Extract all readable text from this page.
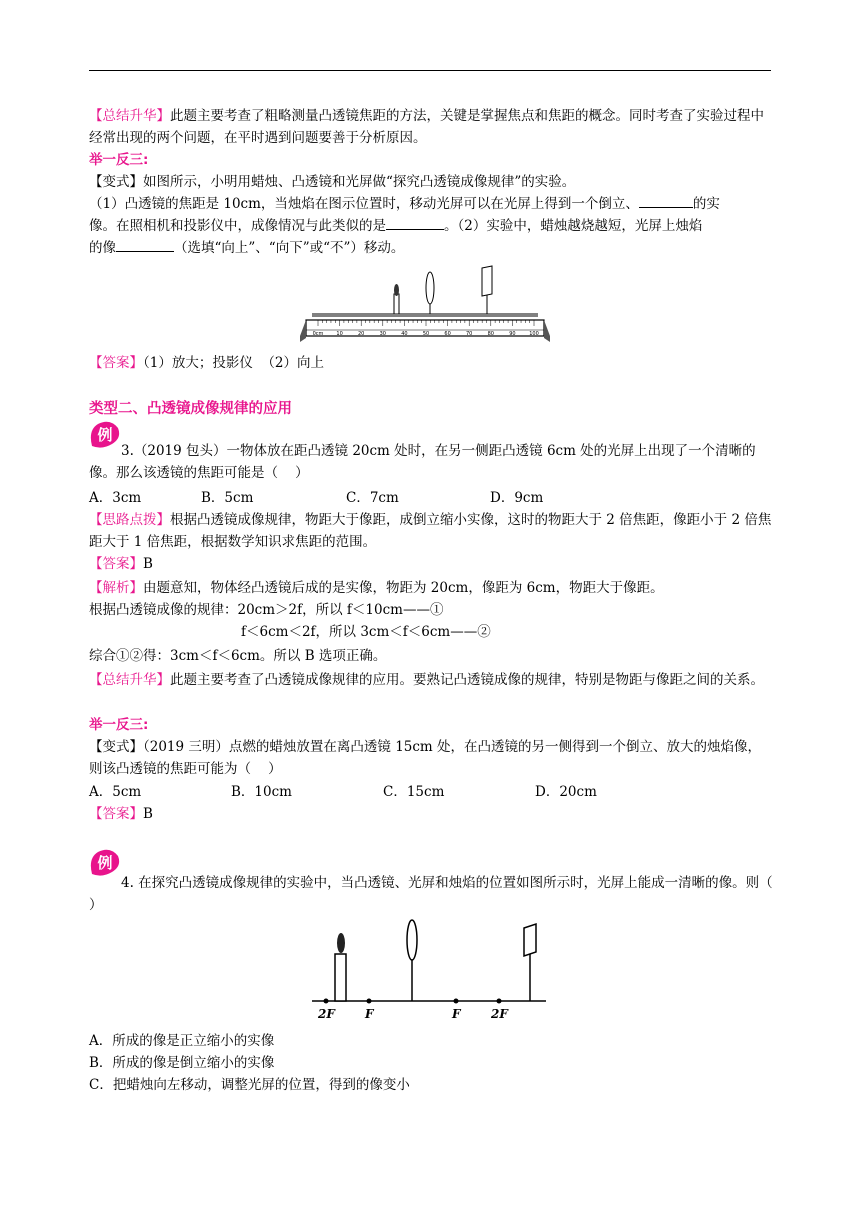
【总结升华】此题主要考查了粗略测量凸透镜焦距的方法，关键是掌握焦点和焦距的概念。同时考查了实验过程中经常出现的两个问题，在平时遇到问题要善于分析原因。
举一反三:
【变式】如图所示，小明用蜡烛、凸透镜和光屏做“探究凸透镜成像规律”的实验。
（1）凸透镜的焦距是 10cm，当烛焰在图示位置时，移动光屏可以在光屏上得到一个倒立、	的实
像。在照相机和投影仪中，成像情况与此类似的是	。（2）实验中，蜡烛越烧越短，光屏上烛焰
的像	（选填“向上”、“向下”或“不”）移动。
0cm	10	20	30	40	50	60	70	80	90	100
【答案】（1）放大；投影仪  （2）向上
类型二、凸透镜成像规律的应用
例
3.（2019 包头）一物体放在距凸透镜 20cm 处时，在另一侧距凸透镜 6cm 处的光屏上出现了一个清晰的像。那么该透镜的焦距可能是（    ）
A．3cm	B．5cm	C．7cm	D．9cm
【思路点拨】根据凸透镜成像规律，物距大于像距，成倒立缩小实像，这时的物距大于 2 倍焦距，像距小于 2 倍焦距大于 1 倍焦距，根据数学知识求焦距的范围。
【答案】B
【解析】由题意知，物体经凸透镜后成的是实像，物距为 20cm，像距为 6cm，物距大于像距。
根据凸透镜成像的规律：20cm＞2f，所以 f＜10cm——①
f＜6cm＜2f，所以 3cm＜f＜6cm——②
综合①②得：3cm＜f＜6cm。所以 B 选项正确。
【总结升华】此题主要考查了凸透镜成像规律的应用。要熟记凸透镜成像的规律，特别是物距与像距之间的关系。
举一反三:
【变式】（2019 三明）点燃的蜡烛放置在离凸透镜 15cm 处，在凸透镜的另一侧得到一个倒立、放大的烛焰像，则该凸透镜的焦距可能为（    ）
A．5cm	B．10cm	C．15cm	D．20cm
【答案】B
例
4. 在探究凸透镜成像规律的实验中，当凸透镜、光屏和烛焰的位置如图所示时，光屏上能成一清晰的像。则（    ）
2F	F	F	2F
A．所成的像是正立缩小的实像
B．所成的像是倒立缩小的实像
C．把蜡烛向左移动，调整光屏的位置，得到的像变小
